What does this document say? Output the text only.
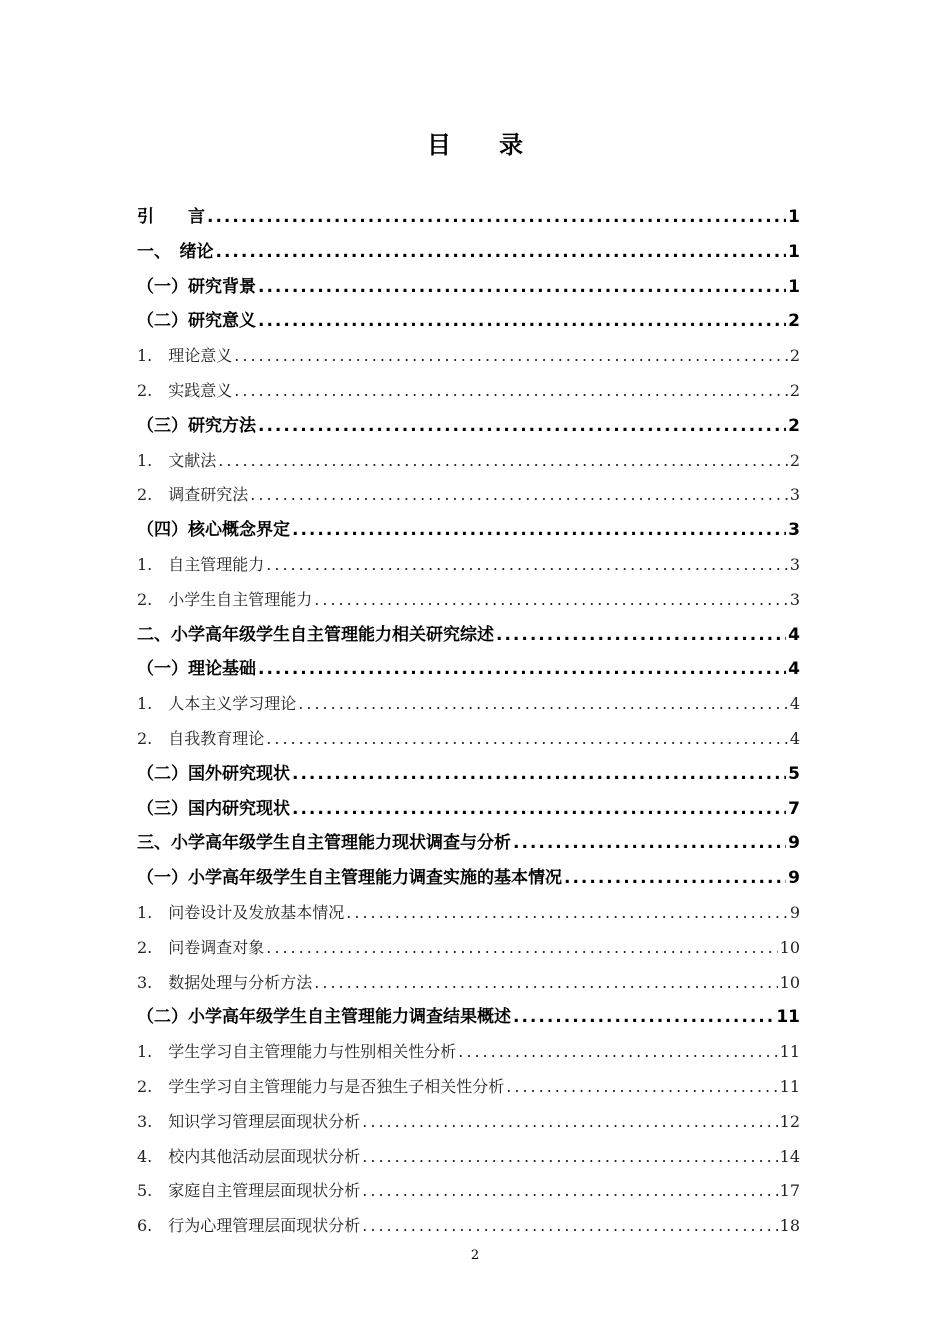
目　　录
引　　言 .....	1
一、　绪论 .....	1
（一）研究背景 .....	1
（二）研究意义 .....	2
1.　理论意义 .....	2
2.　实践意义 .....	2
（三）研究方法 .....	2
1.　文献法 .....	2
2.　调查研究法 .....	3
（四）核心概念界定 .....	3
1.　自主管理能力 .....	3
2.　小学生自主管理能力 .....	3
二、小学高年级学生自主管理能力相关研究综述 .....	4
（一）理论基础 .....	4
1.　人本主义学习理论 .....	4
2.　自我教育理论 .....	4
（二）国外研究现状 .....	5
（三）国内研究现状 .....	7
三、小学高年级学生自主管理能力现状调查与分析 .....	9
（一）小学高年级学生自主管理能力调查实施的基本情况 .....	9
1.　问卷设计及发放基本情况 .....	9
2.　问卷调查对象 .....	10
3.　数据处理与分析方法 .....	10
（二）小学高年级学生自主管理能力调查结果概述 .....	11
1.　学生学习自主管理能力与性别相关性分析 .....	11
2.　学生学习自主管理能力与是否独生子相关性分析 .....	11
3.　知识学习管理层面现状分析 .....	12
4.　校内其他活动层面现状分析 .....	14
5.　家庭自主管理层面现状分析 .....	17
6.　行为心理管理层面现状分析 .....	18
2
